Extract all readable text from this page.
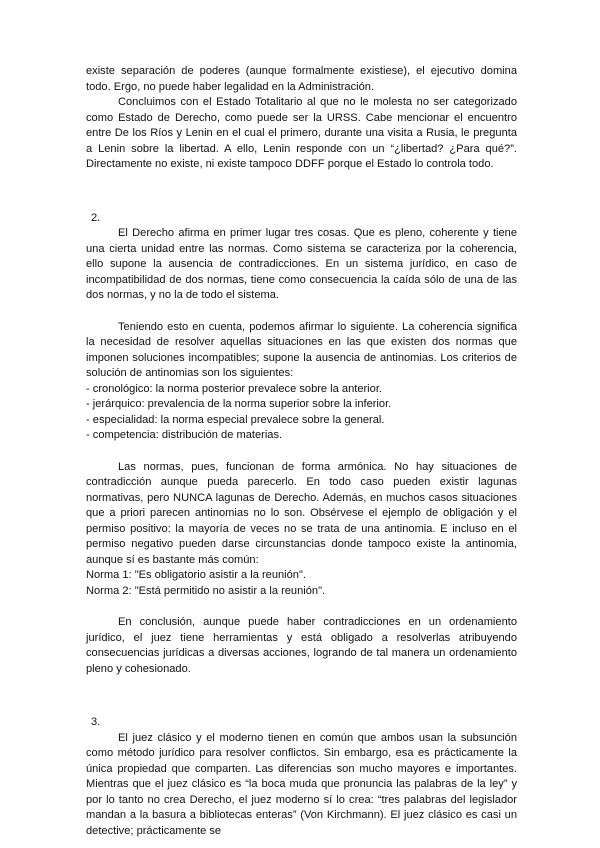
existe separación de poderes (aunque formalmente existiese), el ejecutivo domina todo. Ergo, no puede haber legalidad en la Administración.

Concluimos con el Estado Totalitario al que no le molesta no ser categorizado como Estado de Derecho, como puede ser la URSS. Cabe mencionar el encuentro entre De los Ríos y Lenin en el cual el primero, durante una visita a Rusia, le pregunta a Lenin sobre la libertad. A ello, Lenin responde con un “¿libertad? ¿Para qué?”. Directamente no existe, ni existe tampoco DDFF porque el Estado lo controla todo.

2.

El Derecho afirma en primer lugar tres cosas. Que es pleno, coherente y tiene una cierta unidad entre las normas. Como sistema se caracteriza por la coherencia, ello supone la ausencia de contradicciones. En un sistema jurídico, en caso de incompatibilidad de dos normas, tiene como consecuencia la caída sólo de una de las dos normas, y no la de todo el sistema.

Teniendo esto en cuenta, podemos afirmar lo siguiente. La coherencia significa la necesidad de resolver aquellas situaciones en las que existen dos normas que imponen soluciones incompatibles; supone la ausencia de antinomias. Los criterios de solución de antinomias son los siguientes:

- cronológico: la norma posterior prevalece sobre la anterior.

- jerárquico: prevalencia de la norma superior sobre la inferior.

- especialidad: la norma especial prevalece sobre la general.

- competencia: distribución de materias.

Las normas, pues, funcionan de forma armónica. No hay situaciones de contradicción aunque pueda parecerlo. En todo caso pueden existir lagunas normativas, pero NUNCA lagunas de Derecho. Además, en muchos casos situaciones que a priori parecen antinomias no lo son. Obsérvese el ejemplo de obligación y el permiso positivo: la mayoría de veces no se trata de una antinomia. E incluso en el permiso negativo pueden darse circunstancias donde tampoco existe la antinomia, aunque sí es bastante más común:

Norma 1: "Es obligatorio asistir a la reunión".

Norma 2: "Está permitido no asistir a la reunión".

En conclusión, aunque puede haber contradicciones en un ordenamiento jurídico, el juez tiene herramientas y está obligado a resolverlas atribuyendo consecuencias jurídicas a diversas acciones, logrando de tal manera un ordenamiento pleno y cohesionado.

3.

El juez clásico y el moderno tienen en común que ambos usan la subsunción como método jurídico para resolver conflictos. Sin embargo, esa es prácticamente la única propiedad que comparten. Las diferencias son mucho mayores e importantes. Mientras que el juez clásico es “la boca muda que pronuncia las palabras de la ley” y por lo tanto no crea Derecho, el juez moderno sí lo crea: “tres palabras del legislador mandan a la basura a bibliotecas enteras” (Von Kirchmann). El juez clásico es casi un detective; prácticamente se
